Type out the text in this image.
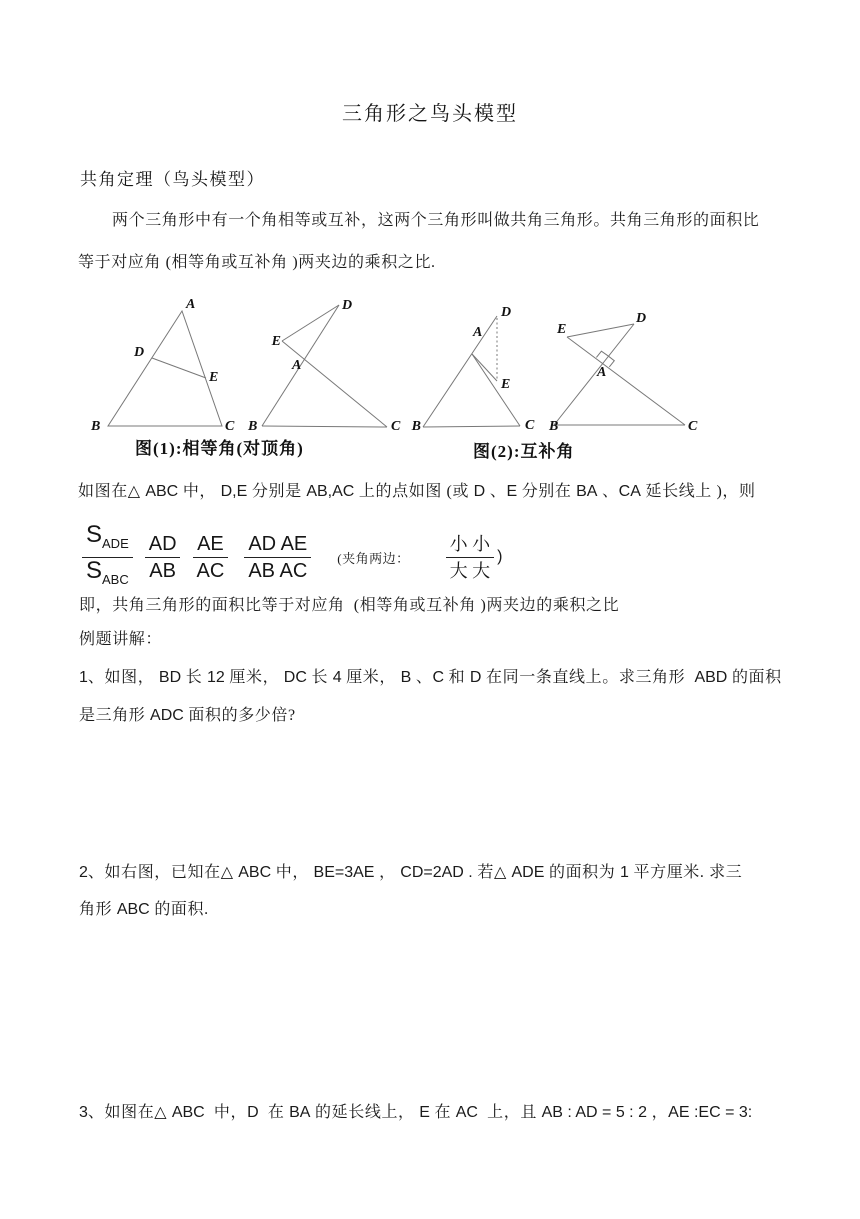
三角形之鸟头模型
共角定理（鸟头模型）
两个三角形中有一个角相等或互补，这两个三角形叫做共角三角形。共角三角形的面积比
等于对应角 (相等角或互补角 )两夹边的乘积之比.
A
B	C
D
E
D
E
A
B	C
D
A
E
B	C
E
D
A
B	C
图(1):相等角(对顶角)	图(2):互补角
如图在△ ABC 中， D,E 分别是 AB,AC 上的点如图 (或 D 、E 分别在 BA 、CA 延长线上 )，则
$\frac{S_{ADE}}{S_{ABC}} \frac{AD}{AB} \frac{AE}{AC} \frac{\text{AD AE}}{\text{AB AC}}$ (夹角两边： $\frac{\text{小 小}}{\text{大 大}}$ )
即，共角三角形的面积比等于对应角  (相等角或互补角 )两夹边的乘积之比
例题讲解：
1、如图， BD 长 12 厘米， DC 长 4 厘米， B 、C 和 D 在同一条直线上。求三角形  ABD 的面积
是三角形 ADC 面积的多少倍?
2、如右图，已知在△ ABC 中， BE=3AE ， CD=2AD . 若△ ADE 的面积为 1 平方厘米. 求三
角形 ABC 的面积.
3、如图在△ ABC  中，D  在 BA 的延长线上， E 在 AC  上，且 AB : AD = 5 : 2 ，AE :EC = 3:
